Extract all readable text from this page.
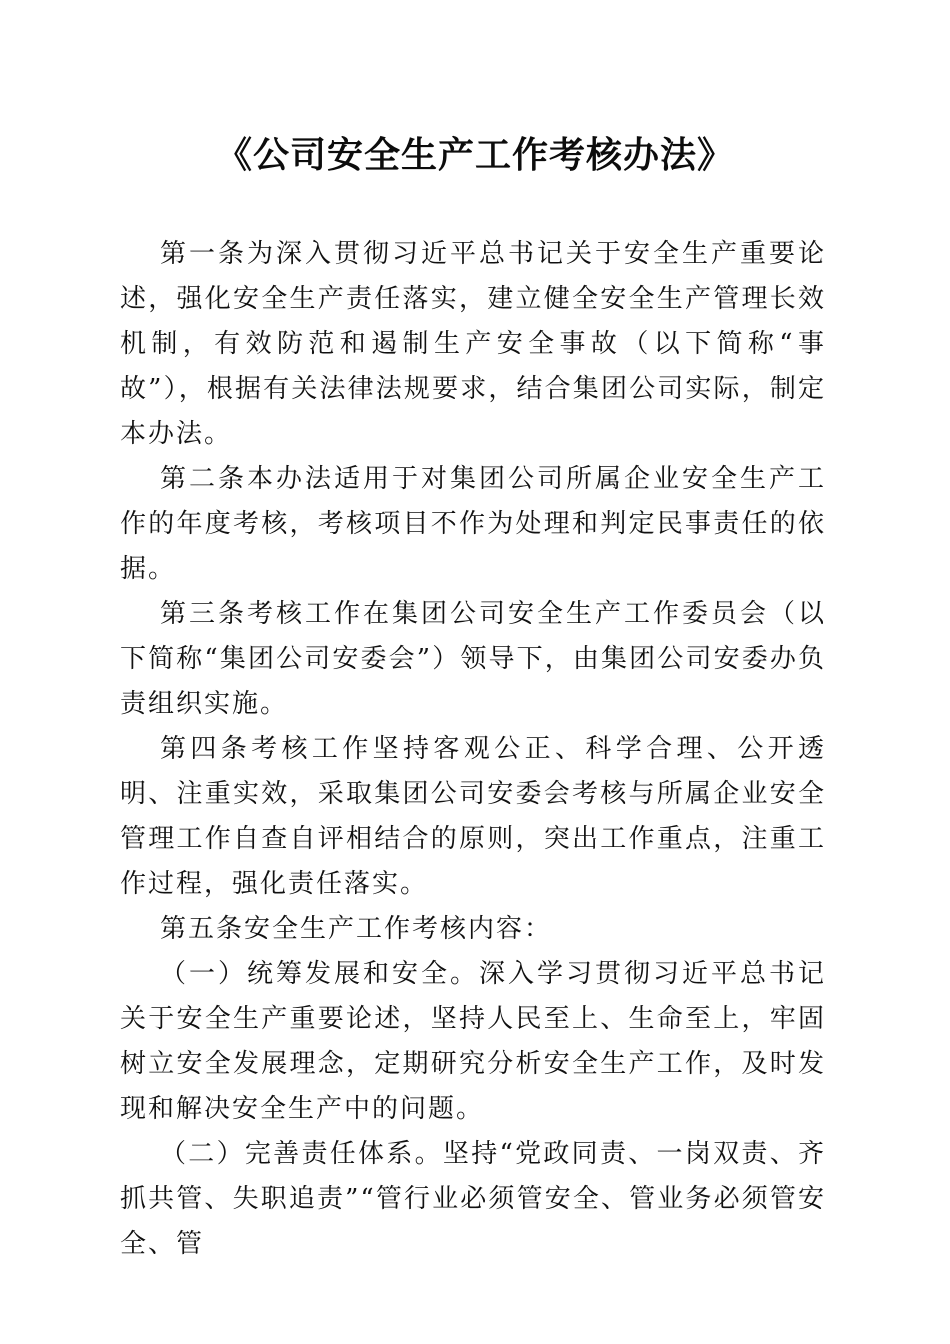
《公司安全生产工作考核办法》

第一条为深入贯彻习近平总书记关于安全生产重要论述，强化安全生产责任落实，建立健全安全生产管理长效机制，有效防范和遏制生产安全事故（以下简称“事故”），根据有关法律法规要求，结合集团公司实际，制定本办法。

第二条本办法适用于对集团公司所属企业安全生产工作的年度考核，考核项目不作为处理和判定民事责任的依据。

第三条考核工作在集团公司安全生产工作委员会（以下简称“集团公司安委会”）领导下，由集团公司安委办负责组织实施。

第四条考核工作坚持客观公正、科学合理、公开透明、注重实效，采取集团公司安委会考核与所属企业安全管理工作自查自评相结合的原则，突出工作重点，注重工作过程，强化责任落实。

第五条安全生产工作考核内容：

（一）统筹发展和安全。深入学习贯彻习近平总书记关于安全生产重要论述，坚持人民至上、生命至上，牢固树立安全发展理念，定期研究分析安全生产工作，及时发现和解决安全生产中的问题。

（二）完善责任体系。坚持“党政同责、一岗双责、齐抓共管、失职追责”“管行业必须管安全、管业务必须管安全、管
